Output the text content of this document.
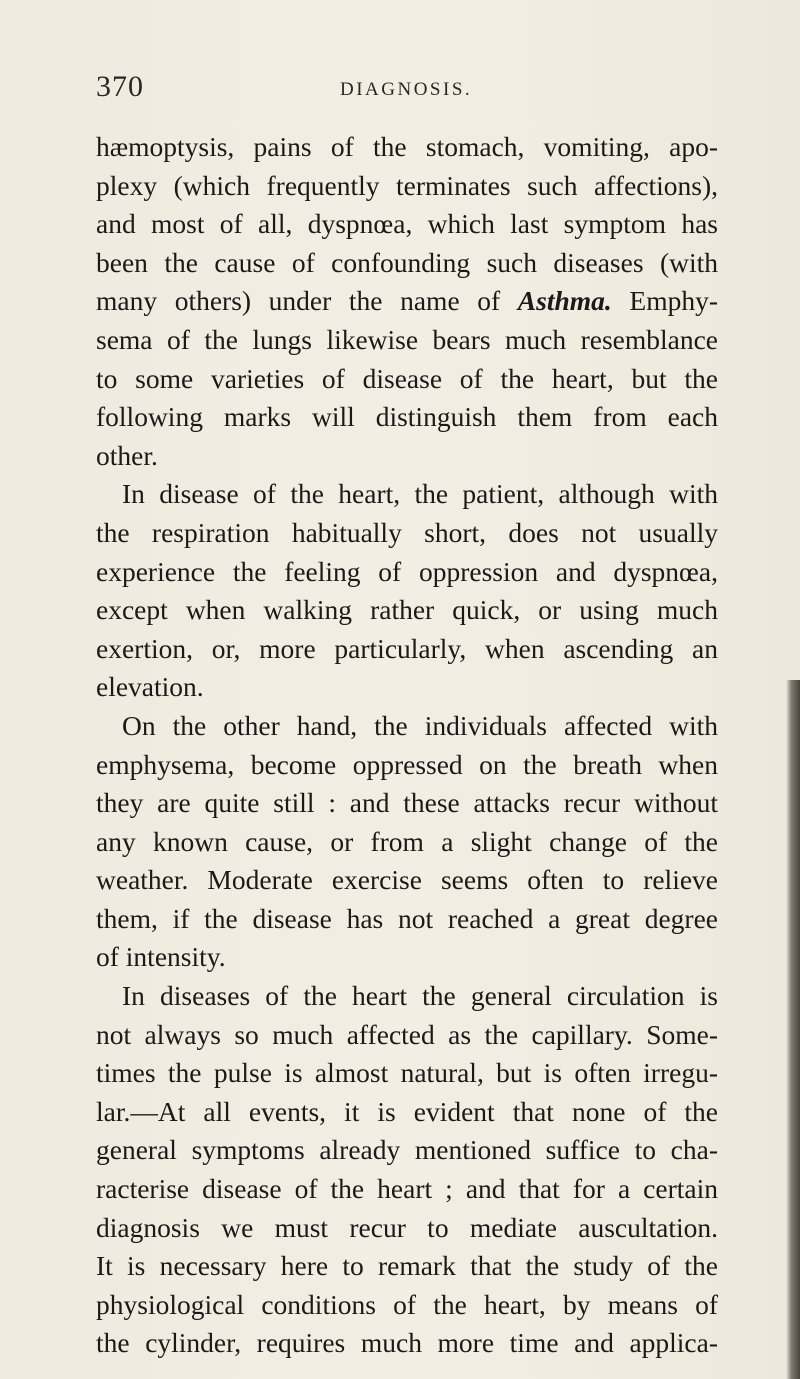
370	DIAGNOSIS.
hæmoptysis, pains of the stomach, vomiting, apo-
plexy (which frequently terminates such affections),
and most of all, dyspnœa, which last symptom has
been the cause of confounding such diseases (with
many others) under the name of Asthma. Emphy-
sema of the lungs likewise bears much resemblance
to some varieties of disease of the heart, but the
following marks will distinguish them from each
other.
In disease of the heart, the patient, although with
the respiration habitually short, does not usually
experience the feeling of oppression and dyspnœa,
except when walking rather quick, or using much
exertion, or, more particularly, when ascending an
elevation.
On the other hand, the individuals affected with
emphysema, become oppressed on the breath when
they are quite still : and these attacks recur without
any known cause, or from a slight change of the
weather. Moderate exercise seems often to relieve
them, if the disease has not reached a great degree
of intensity.
In diseases of the heart the general circulation is
not always so much affected as the capillary. Some-
times the pulse is almost natural, but is often irregu-
lar.—At all events, it is evident that none of the
general symptoms already mentioned suffice to cha-
racterise disease of the heart ; and that for a certain
diagnosis we must recur to mediate auscultation.
It is necessary here to remark that the study of the
physiological conditions of the heart, by means of
the cylinder, requires much more time and applica-
